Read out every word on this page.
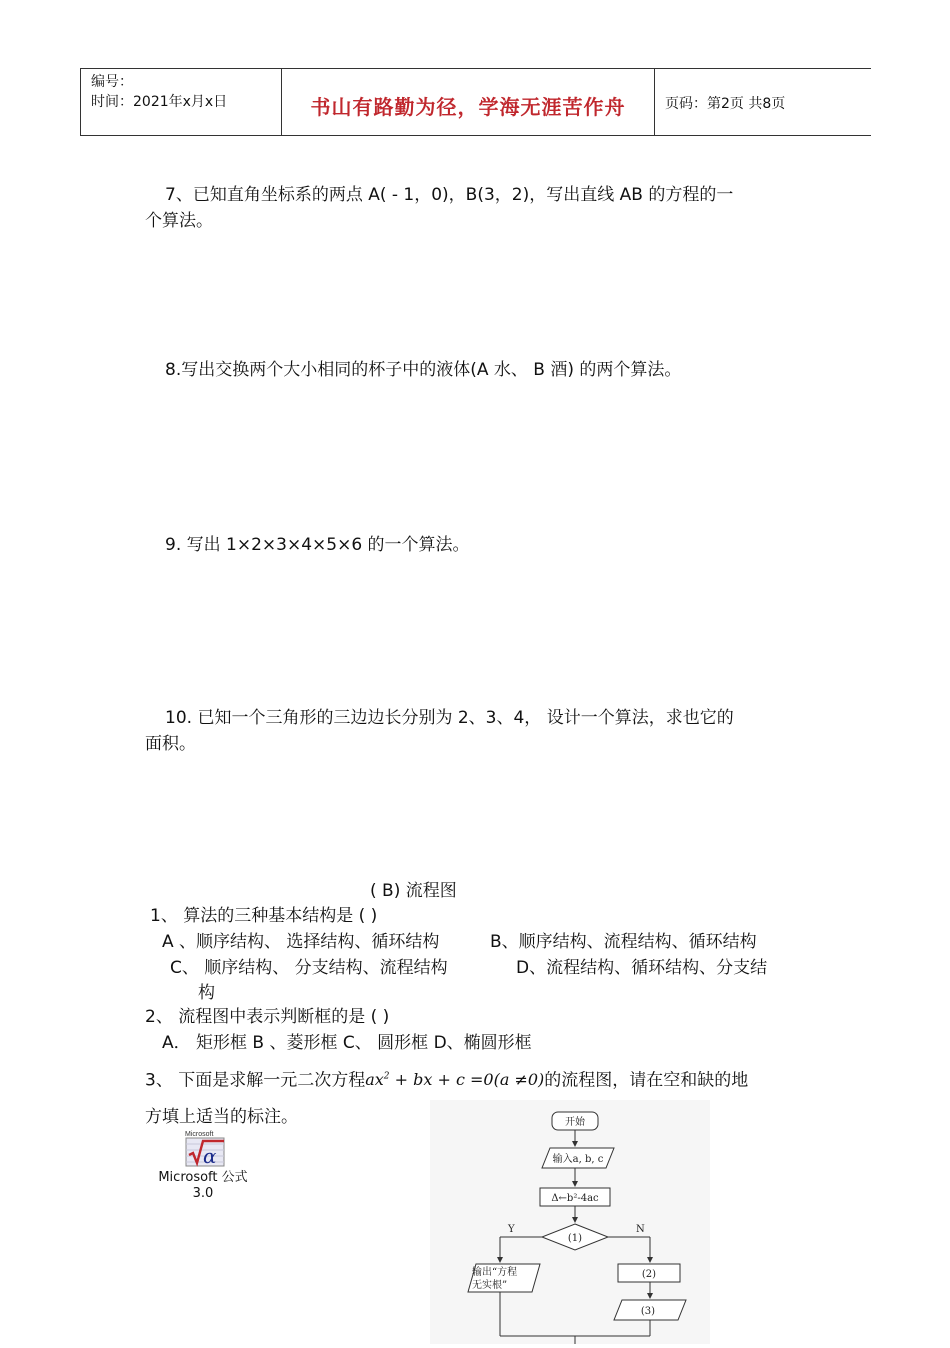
编号：
时间：2021年x月x日	书山有路勤为径，学海无涯苦作舟	页码：第2页 共8页
7、已知直角坐标系的两点 A( - 1，0)，B(3，2)，写出直线 AB 的方程的一
个算法。
8.写出交换两个大小相同的杯子中的液体(A 水、 B 酒) 的两个算法。
9. 写出 1×2×3×4×5×6 的一个算法。
10. 已知一个三角形的三边边长分别为 2、3、4， 设计一个算法，求也它的
面积。
( B) 流程图
1、 算法的三种基本结构是 ( )
A 、顺序结构、 选择结构、循环结构	B、顺序结构、流程结构、循环结构
C、 顺序结构、 分支结构、流程结构	D、流程结构、循环结构、分支结
构
2、 流程图中表示判断框的是 ( )
A． 矩形框 B 、菱形框 C、 圆形框 D、椭圆形框
3、 下面是求解一元二次方程$ax^2$ + bx + c =0(a ≠0)的流程图，请在空和缺的地
方填上适当的标注。
Microsoft
α
Microsoft 公式
3.0
开始
输入a, b, c
Δ←b²-4ac
(1)
Y
输出“方程
无实根”
N
(2)
(3)
